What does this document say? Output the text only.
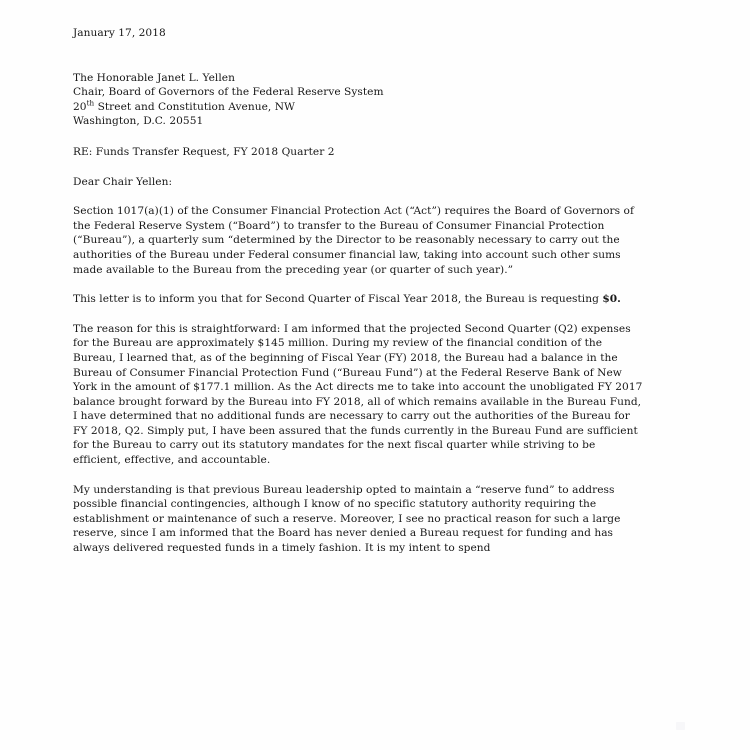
January 17, 2018
The Honorable Janet L. Yellen
Chair, Board of Governors of the Federal Reserve System
20th Street and Constitution Avenue, NW
Washington, D.C. 20551
RE: Funds Transfer Request, FY 2018 Quarter 2
Dear Chair Yellen:

Section 1017(a)(1) of the Consumer Financial Protection Act (“Act”) requires the Board of Governors of the Federal Reserve System (“Board”) to transfer to the Bureau of Consumer Financial Protection (“Bureau”), a quarterly sum “determined by the Director to be reasonably necessary to carry out the authorities of the Bureau under Federal consumer financial law, taking into account such other sums made available to the Bureau from the preceding year (or quarter of such year).”

This letter is to inform you that for Second Quarter of Fiscal Year 2018, the Bureau is requesting $0.

The reason for this is straightforward: I am informed that the projected Second Quarter (Q2) expenses for the Bureau are approximately $145 million. During my review of the financial condition of the Bureau, I learned that, as of the beginning of Fiscal Year (FY) 2018, the Bureau had a balance in the Bureau of Consumer Financial Protection Fund (“Bureau Fund”) at the Federal Reserve Bank of New York in the amount of $177.1 million. As the Act directs me to take into account the unobligated FY 2017 balance brought forward by the Bureau into FY 2018, all of which remains available in the Bureau Fund, I have determined that no additional funds are necessary to carry out the authorities of the Bureau for FY 2018, Q2. Simply put, I have been assured that the funds currently in the Bureau Fund are sufficient for the Bureau to carry out its statutory mandates for the next fiscal quarter while striving to be efficient, effective, and accountable.

My understanding is that previous Bureau leadership opted to maintain a “reserve fund” to address possible financial contingencies, although I know of no specific statutory authority requiring the establishment or maintenance of such a reserve. Moreover, I see no practical reason for such a large reserve, since I am informed that the Board has never denied a Bureau request for funding and has always delivered requested funds in a timely fashion. It is my intent to spend
